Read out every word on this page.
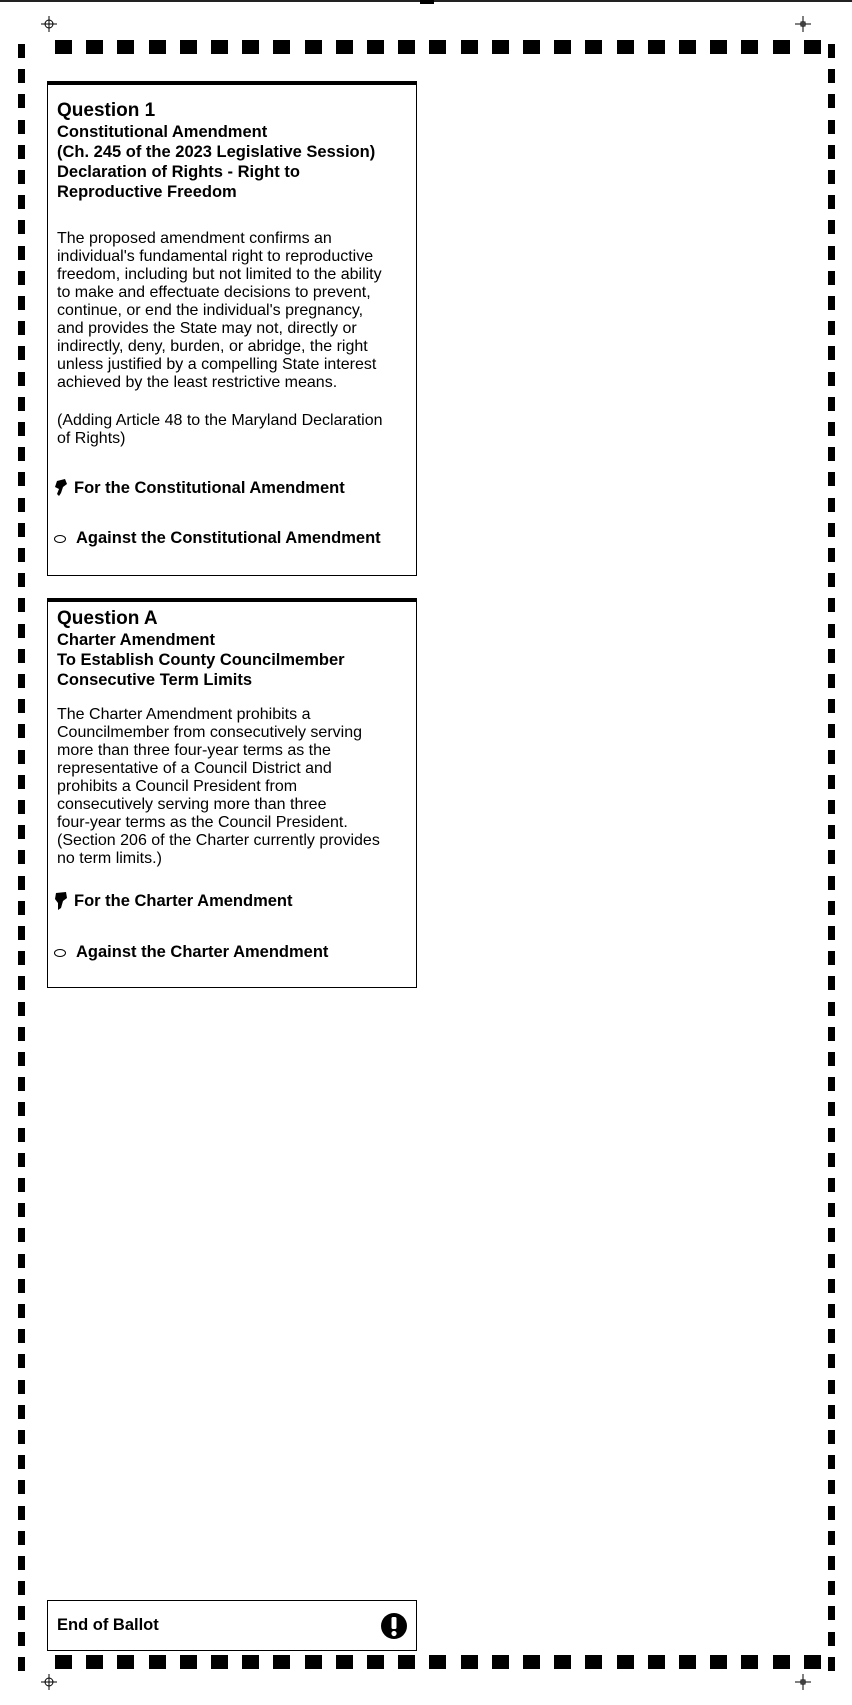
Question 1
Constitutional Amendment
(Ch. 245 of the 2023 Legislative Session)
Declaration of Rights - Right to
Reproductive Freedom
The proposed amendment confirms an
individual's fundamental right to reproductive
freedom, including but not limited to the ability
to make and effectuate decisions to prevent,
continue, or end the individual's pregnancy,
and provides the State may not, directly or
indirectly, deny, burden, or abridge, the right
unless justified by a compelling State interest
achieved by the least restrictive means.
(Adding Article 48 to the Maryland Declaration
of Rights)
For the Constitutional Amendment
Against the Constitutional Amendment
Question A
Charter Amendment
To Establish County Councilmember
Consecutive Term Limits
The Charter Amendment prohibits a
Councilmember from consecutively serving
more than three four-year terms as the
representative of a Council District and
prohibits a Council President from
consecutively serving more than three
four-year terms as the Council President.
(Section 206 of the Charter currently provides
no term limits.)
For the Charter Amendment
Against the Charter Amendment
End of Ballot
